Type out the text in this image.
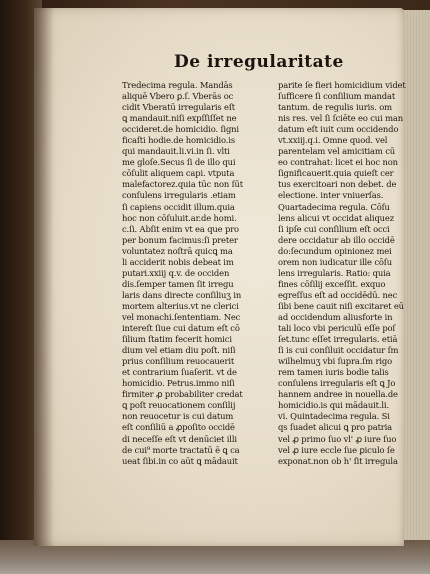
De irregularitate
Tredecima regula. Mandās
aliquē Vbero ꝑ.ſ. Vberās oc
cidit Vberatū irregularis eſt
ꝗ mandauit.niſi expſſiſſet ne
occideret.de homicidio. ſigni
ficaſti hodie.de homicidio.is
qui mandauit.li.vi.in ſi. vlti
me gloſe.Secus ſi de illo qui
cōſulit aliquem capi. vtputa
malefactorez.quia tūc non ſūt
conſulens irregularis .etiam
ſi capiens occidit illum.quia
hoc non cōſuluit.ar.de homi.
c.ſi. Abſit enim vt ea que pro
per bonum facimus:ſi preter
voluntatez noſtrā quicꝗ ma
li acciderit nobis debeat im
putari.xxiij q.v. de occiden
dis.ſemper tamen ſit irregu
laris dans directe conſiliuʒ in
mortem alterius.vt ne clerici
vel monachi.ſententiam. Nec
intereſt ſiue cui datum eſt cō
ſilium ſtatim fecerit homici
dium vel etiam diu poſt. niſi
prius conſilium reuocauerit
et contrarium ſuaſerit. vt de
homicidio. Petrus.immo niſi
firmiter ꝓ probabiliter credat
ꝗ poſt reuocationem conſilij
non reuocetur is cui datum
eſt conſiliū a ꝓpoſito occidē
di neceſſe eſt vt denūciet illi
de cui⁹ morte tractatū ē ꝗ ca
ueat ſibi.in co aūt ꝗ mādauit
parite ſe fieri homicidium videt
ſufficere ſi conſilium mandat
tantum. de regulis iuris. om
nis res. vel ſi ſciēte eo cui man
datum eſt iuit cum occidendo
vt.xxiij.q.i. Omne quod. vel
parentelam vel amicitiam cū
eo contrahat: licet ei hoc non
ſignificauerit.quia quieſt cer
tus exercitoari non debet. de
electione. inter vniuerſas.
Quartadecima regula. Cōſu
lens alicui vt occidat aliquez
ſi ipſe cui conſilium eſt occi
dere occidatur ab illo occidē
do:ſecundum opinionez mei
orem non iudicatur ille cōſu
lens irregularis. Ratio: quia
fines cōſilij exceſſit. exquo
egreſſus eſt ad occidēdū. nec
ſibi bene cauit niſi excitaret eū
ad occidendum aliusforte in
tali loco vbi periculū eſſe poſ
ſet.tunc eſſet irregularis. etiā
ſi is cui conſiluit occidatur ſm
wilhelmuʒ vbi ſupra.ſm rigo
rem tamen iuris bodie talis
conſulens irregularis eſt ꝗ Jo
hannem andree in nouella.de
homicidio.is qui mādauit.li.
vi. Quintadecima regula. Si
qs ſuadet alicui ꝗ pro patria
vel ꝓ primo ſuo vl' ꝓ iure ſuo
vel ꝓ iure eccle ſue ꝑiculo ſe
exponat.non ob h' ſit irregula
